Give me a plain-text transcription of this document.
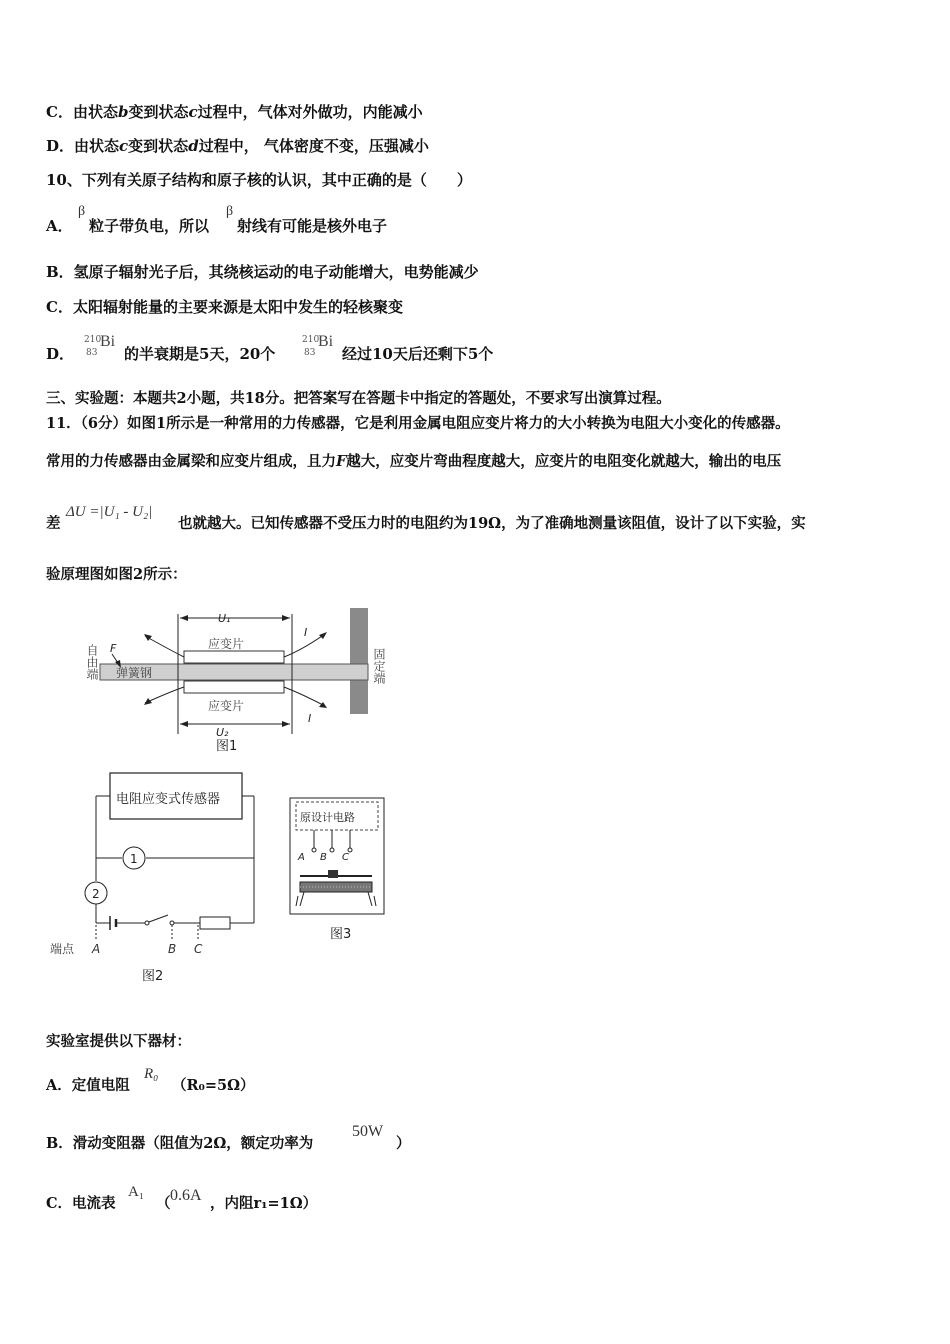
C．由状态b变到状态c过程中，气体对外做功，内能减小
D．由状态c变到状态d过程中， 气体密度不变，压强减小
10、下列有关原子结构和原子核的认识，其中正确的是（　　）
A．
β
粒子带负电，所以
β
射线有可能是核外电子
B．氢原子辐射光子后，其绕核运动的电子动能增大，电势能减少
C．太阳辐射能量的主要来源是太阳中发生的轻核聚变
D．
210
83
Bi
的半衰期是5天，20个
210
83
Bi
经过10天后还剩下5个
三、实验题：本题共2小题，共18分。把答案写在答题卡中指定的答题处，不要求写出演算过程。
11．（6分）如图1所示是一种常用的力传感器，它是利用金属电阻应变片将力的大小转换为电阻大小变化的传感器。
常用的力传感器由金属梁和应变片组成，且力F越大，应变片弯曲程度越大，应变片的电阻变化就越大，输出的电压
差
ΔU =|U₁ - U₂|
也就越大。已知传感器不受压力时的电阻约为19Ω，为了准确地测量该阻值，设计了以下实验，实
验原理图如图2所示：
U₁
U₂
应变片
应变片
弹簧钢
F
自由端	固定端
I
I
图1
电阻应变式传感器
1
2
端点 A	B C
图2
原设计电路
A B C
图3
实验室提供以下器材：
A．定值电阻
R₀
（R₀=5Ω）
B．滑动变阻器（阻值为2Ω，额定功率为
50W
）
C．电流表
A₁
（ 0.6A ，内阻r₁=1Ω）
